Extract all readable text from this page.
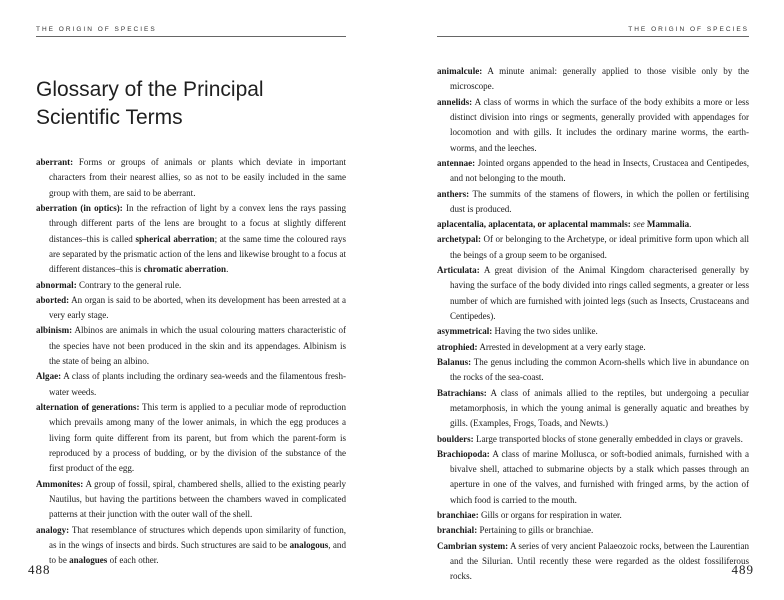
THE ORIGIN OF SPECIES
Glossary of the Principal
Scientific Terms
aberrant: Forms or groups of animals or plants which deviate in important characters from their nearest allies, so as not to be easily included in the same group with them, are said to be aberrant.
aberration (in optics): In the refraction of light by a convex lens the rays passing through different parts of the lens are brought to a focus at slightly different distances–this is called spherical aberration; at the same time the coloured rays are separated by the prismatic action of the lens and likewise brought to a focus at different distances–this is chromatic aberration.
abnormal: Contrary to the general rule.
aborted: An organ is said to be aborted, when its development has been arrested at a very early stage.
albinism: Albinos are animals in which the usual colouring matters characteristic of the species have not been produced in the skin and its appendages. Albinism is the state of being an albino.
Algae: A class of plants including the ordinary sea-weeds and the filamentous fresh-water weeds.
alternation of generations: This term is applied to a peculiar mode of reproduction which prevails among many of the lower animals, in which the egg produces a living form quite different from its parent, but from which the parent-form is reproduced by a process of budding, or by the division of the substance of the first product of the egg.
Ammonites: A group of fossil, spiral, chambered shells, allied to the existing pearly Nautilus, but having the partitions between the chambers waved in complicated patterns at their junction with the outer wall of the shell.
analogy: That resemblance of structures which depends upon similarity of function, as in the wings of insects and birds. Such structures are said to be analogous, and to be analogues of each other.
488
THE ORIGIN OF SPECIES
animalcule: A minute animal: generally applied to those visible only by the microscope.
annelids: A class of worms in which the surface of the body exhibits a more or less distinct division into rings or segments, generally provided with appendages for locomotion and with gills. It includes the ordinary marine worms, the earth-worms, and the leeches.
antennae: Jointed organs appended to the head in Insects, Crustacea and Centipedes, and not belonging to the mouth.
anthers: The summits of the stamens of flowers, in which the pollen or fertilising dust is produced.
aplacentalia, aplacentata, or aplacental mammals: see Mammalia.
archetypal: Of or belonging to the Archetype, or ideal primitive form upon which all the beings of a group seem to be organised.
Articulata: A great division of the Animal Kingdom characterised generally by having the surface of the body divided into rings called segments, a greater or less number of which are furnished with jointed legs (such as Insects, Crustaceans and Centipedes).
asymmetrical: Having the two sides unlike.
atrophied: Arrested in development at a very early stage.
Balanus: The genus including the common Acorn-shells which live in abundance on the rocks of the sea-coast.
Batrachians: A class of animals allied to the reptiles, but undergoing a peculiar metamorphosis, in which the young animal is generally aquatic and breathes by gills. (Examples, Frogs, Toads, and Newts.)
boulders: Large transported blocks of stone generally embedded in clays or gravels.
Brachiopoda: A class of marine Mollusca, or soft-bodied animals, furnished with a bivalve shell, attached to submarine objects by a stalk which passes through an aperture in one of the valves, and furnished with fringed arms, by the action of which food is carried to the mouth.
branchiae: Gills or organs for respiration in water.
branchial: Pertaining to gills or branchiae.
Cambrian system: A series of very ancient Palaeozoic rocks, between the Laurentian and the Silurian. Until recently these were regarded as the oldest fossiliferous rocks.	489
